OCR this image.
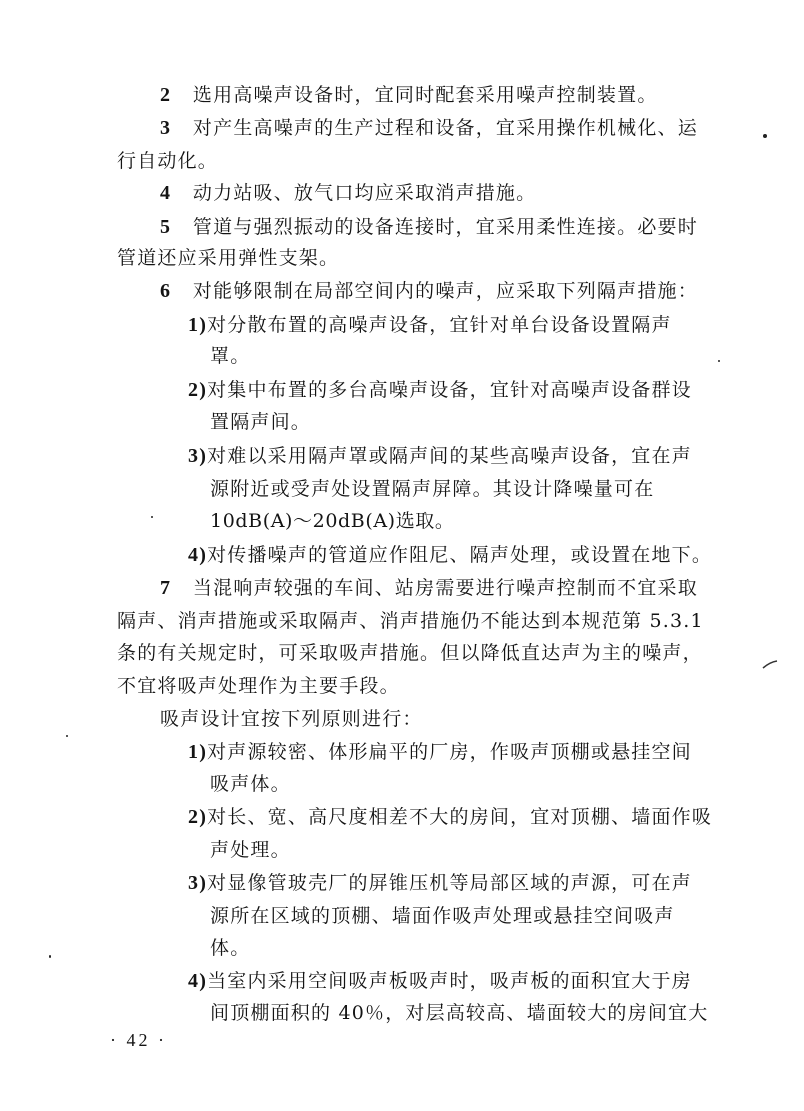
2 选用高噪声设备时，宜同时配套采用噪声控制装置。
3 对产生高噪声的生产过程和设备，宜采用操作机械化、运
行自动化。
4 动力站吸、放气口均应采取消声措施。
5 管道与强烈振动的设备连接时，宜采用柔性连接。必要时
管道还应采用弹性支架。
6 对能够限制在局部空间内的噪声，应采取下列隔声措施：
1)对分散布置的高噪声设备，宜针对单台设备设置隔声
罩。
2)对集中布置的多台高噪声设备，宜针对高噪声设备群设
置隔声间。
3)对难以采用隔声罩或隔声间的某些高噪声设备，宜在声
源附近或受声处设置隔声屏障。其设计降噪量可在
10dB(A)～20dB(A)选取。
4)对传播噪声的管道应作阻尼、隔声处理，或设置在地下。
7 当混响声较强的车间、站房需要进行噪声控制而不宜采取
隔声、消声措施或采取隔声、消声措施仍不能达到本规范第 5.3.1
条的有关规定时，可采取吸声措施。但以降低直达声为主的噪声，
不宜将吸声处理作为主要手段。
吸声设计宜按下列原则进行：
1)对声源较密、体形扁平的厂房，作吸声顶棚或悬挂空间
吸声体。
2)对长、宽、高尺度相差不大的房间，宜对顶棚、墙面作吸
声处理。
3)对显像管玻壳厂的屏锥压机等局部区域的声源，可在声
源所在区域的顶棚、墙面作吸声处理或悬挂空间吸声
体。
4)当室内采用空间吸声板吸声时，吸声板的面积宜大于房
间顶棚面积的 40％，对层高较高、墙面较大的房间宜大
· 42 ·
